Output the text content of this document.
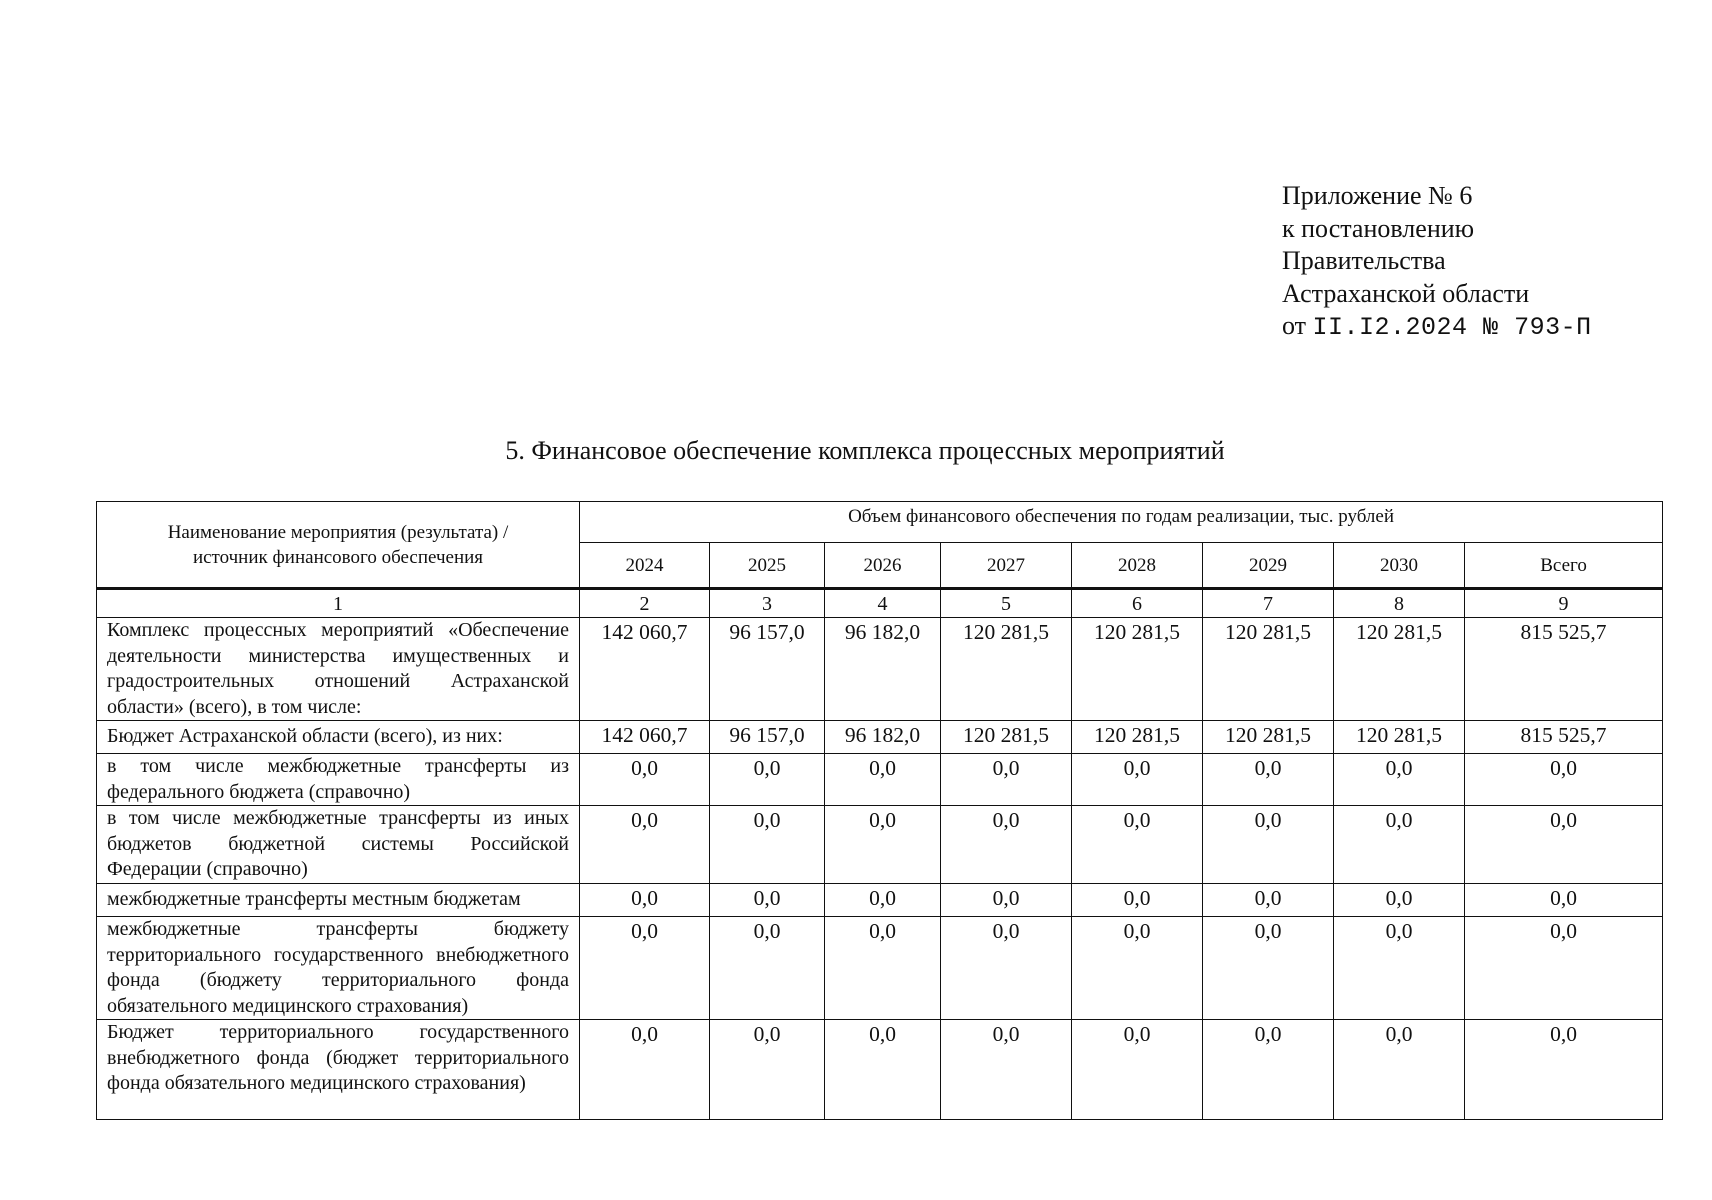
Приложение № 6
к постановлению
Правительства
Астраханской области
от II.I2.2024 № 793-П
5. Финансовое обеспечение комплекса процессных мероприятий
Наименование мероприятия (результата) / источник финансового обеспечения	Объем финансового обеспечения по годам реализации, тыс. рублей							
	2024	2025	2026	2027	2028	2029	2030	Всего
1	2	3	4	5	6	7	8	9
Комплекс процессных мероприятий «Обеспечение деятельности министерства имущественных и градостроительных отношений Астраханской области» (всего), в том числе:	142 060,7	96 157,0	96 182,0	120 281,5	120 281,5	120 281,5	120 281,5	815 525,7
Бюджет Астраханской области (всего), из них:	142 060,7	96 157,0	96 182,0	120 281,5	120 281,5	120 281,5	120 281,5	815 525,7
в том числе межбюджетные трансферты из федерального бюджета (справочно)	0,0	0,0	0,0	0,0	0,0	0,0	0,0	0,0
в том числе межбюджетные трансферты из иных бюджетов бюджетной системы Российской Федерации (справочно)	0,0	0,0	0,0	0,0	0,0	0,0	0,0	0,0
межбюджетные трансферты местным бюджетам	0,0	0,0	0,0	0,0	0,0	0,0	0,0	0,0
межбюджетные трансферты бюджету территориального государственного внебюджетного фонда (бюджету территориального фонда обязательного медицинского страхования)	0,0	0,0	0,0	0,0	0,0	0,0	0,0	0,0
Бюджет территориального государственного внебюджетного фонда (бюджет территориального фонда обязательного медицинского страхования)	0,0	0,0	0,0	0,0	0,0	0,0	0,0	0,0
